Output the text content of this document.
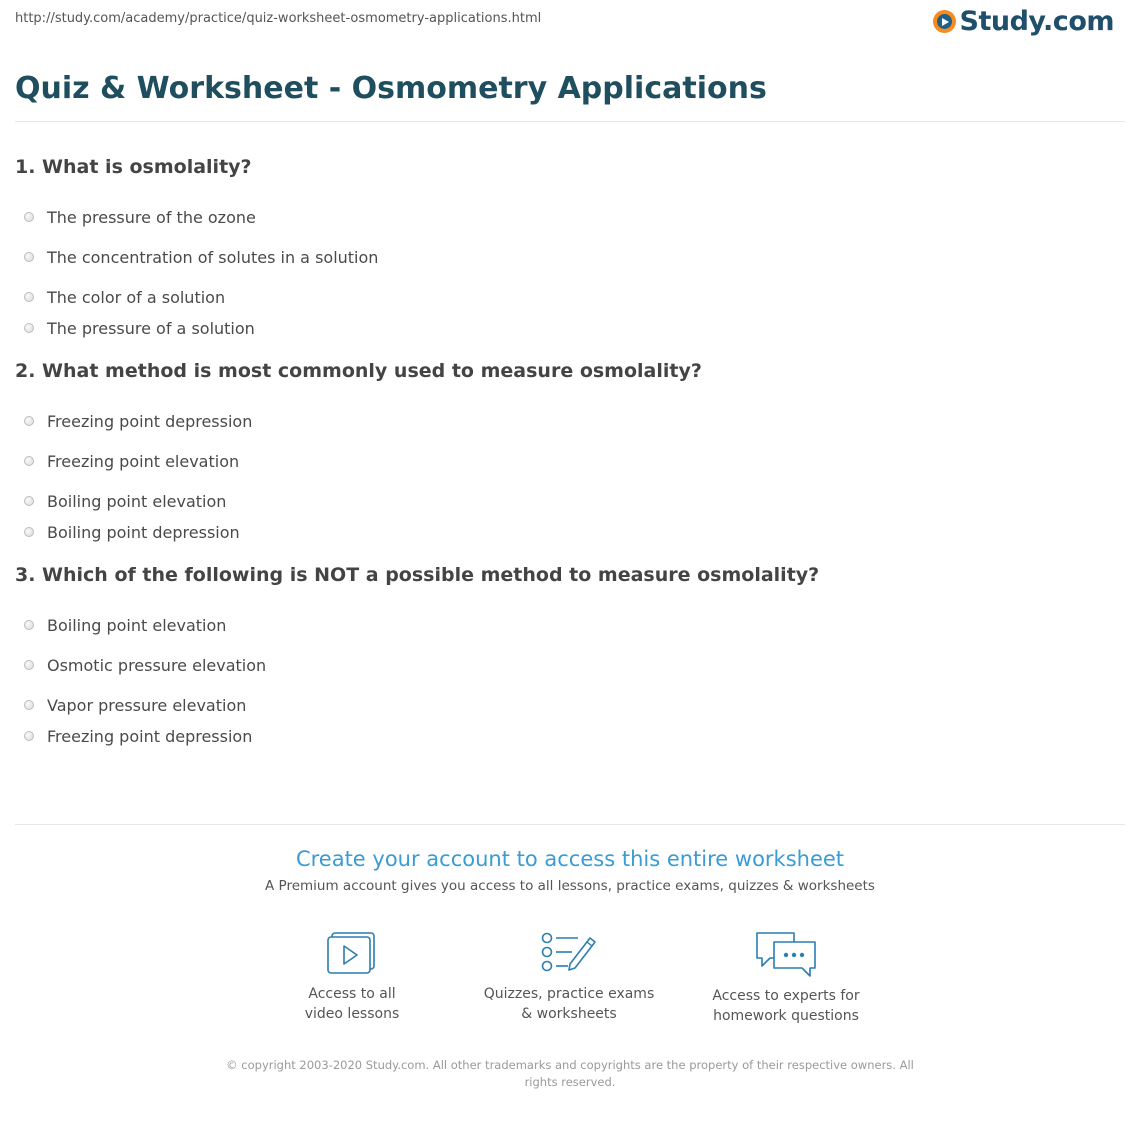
http://study.com/academy/practice/quiz-worksheet-osmometry-applications.html	Study.com
Quiz & Worksheet - Osmometry Applications
1. What is osmolality?
The pressure of the ozone
The concentration of solutes in a solution
The color of a solution
The pressure of a solution
2. What method is most commonly used to measure osmolality?
Freezing point depression
Freezing point elevation
Boiling point elevation
Boiling point depression
3. Which of the following is NOT a possible method to measure osmolality?
Boiling point elevation
Osmotic pressure elevation
Vapor pressure elevation
Freezing point depression
Create your account to access this entire worksheet
A Premium account gives you access to all lessons, practice exams, quizzes & worksheets
Access to all
video lessons
Quizzes, practice exams
& worksheets
Access to experts for
homework questions
© copyright 2003-2020 Study.com. All other trademarks and copyrights are the property of their respective owners. All rights reserved.
